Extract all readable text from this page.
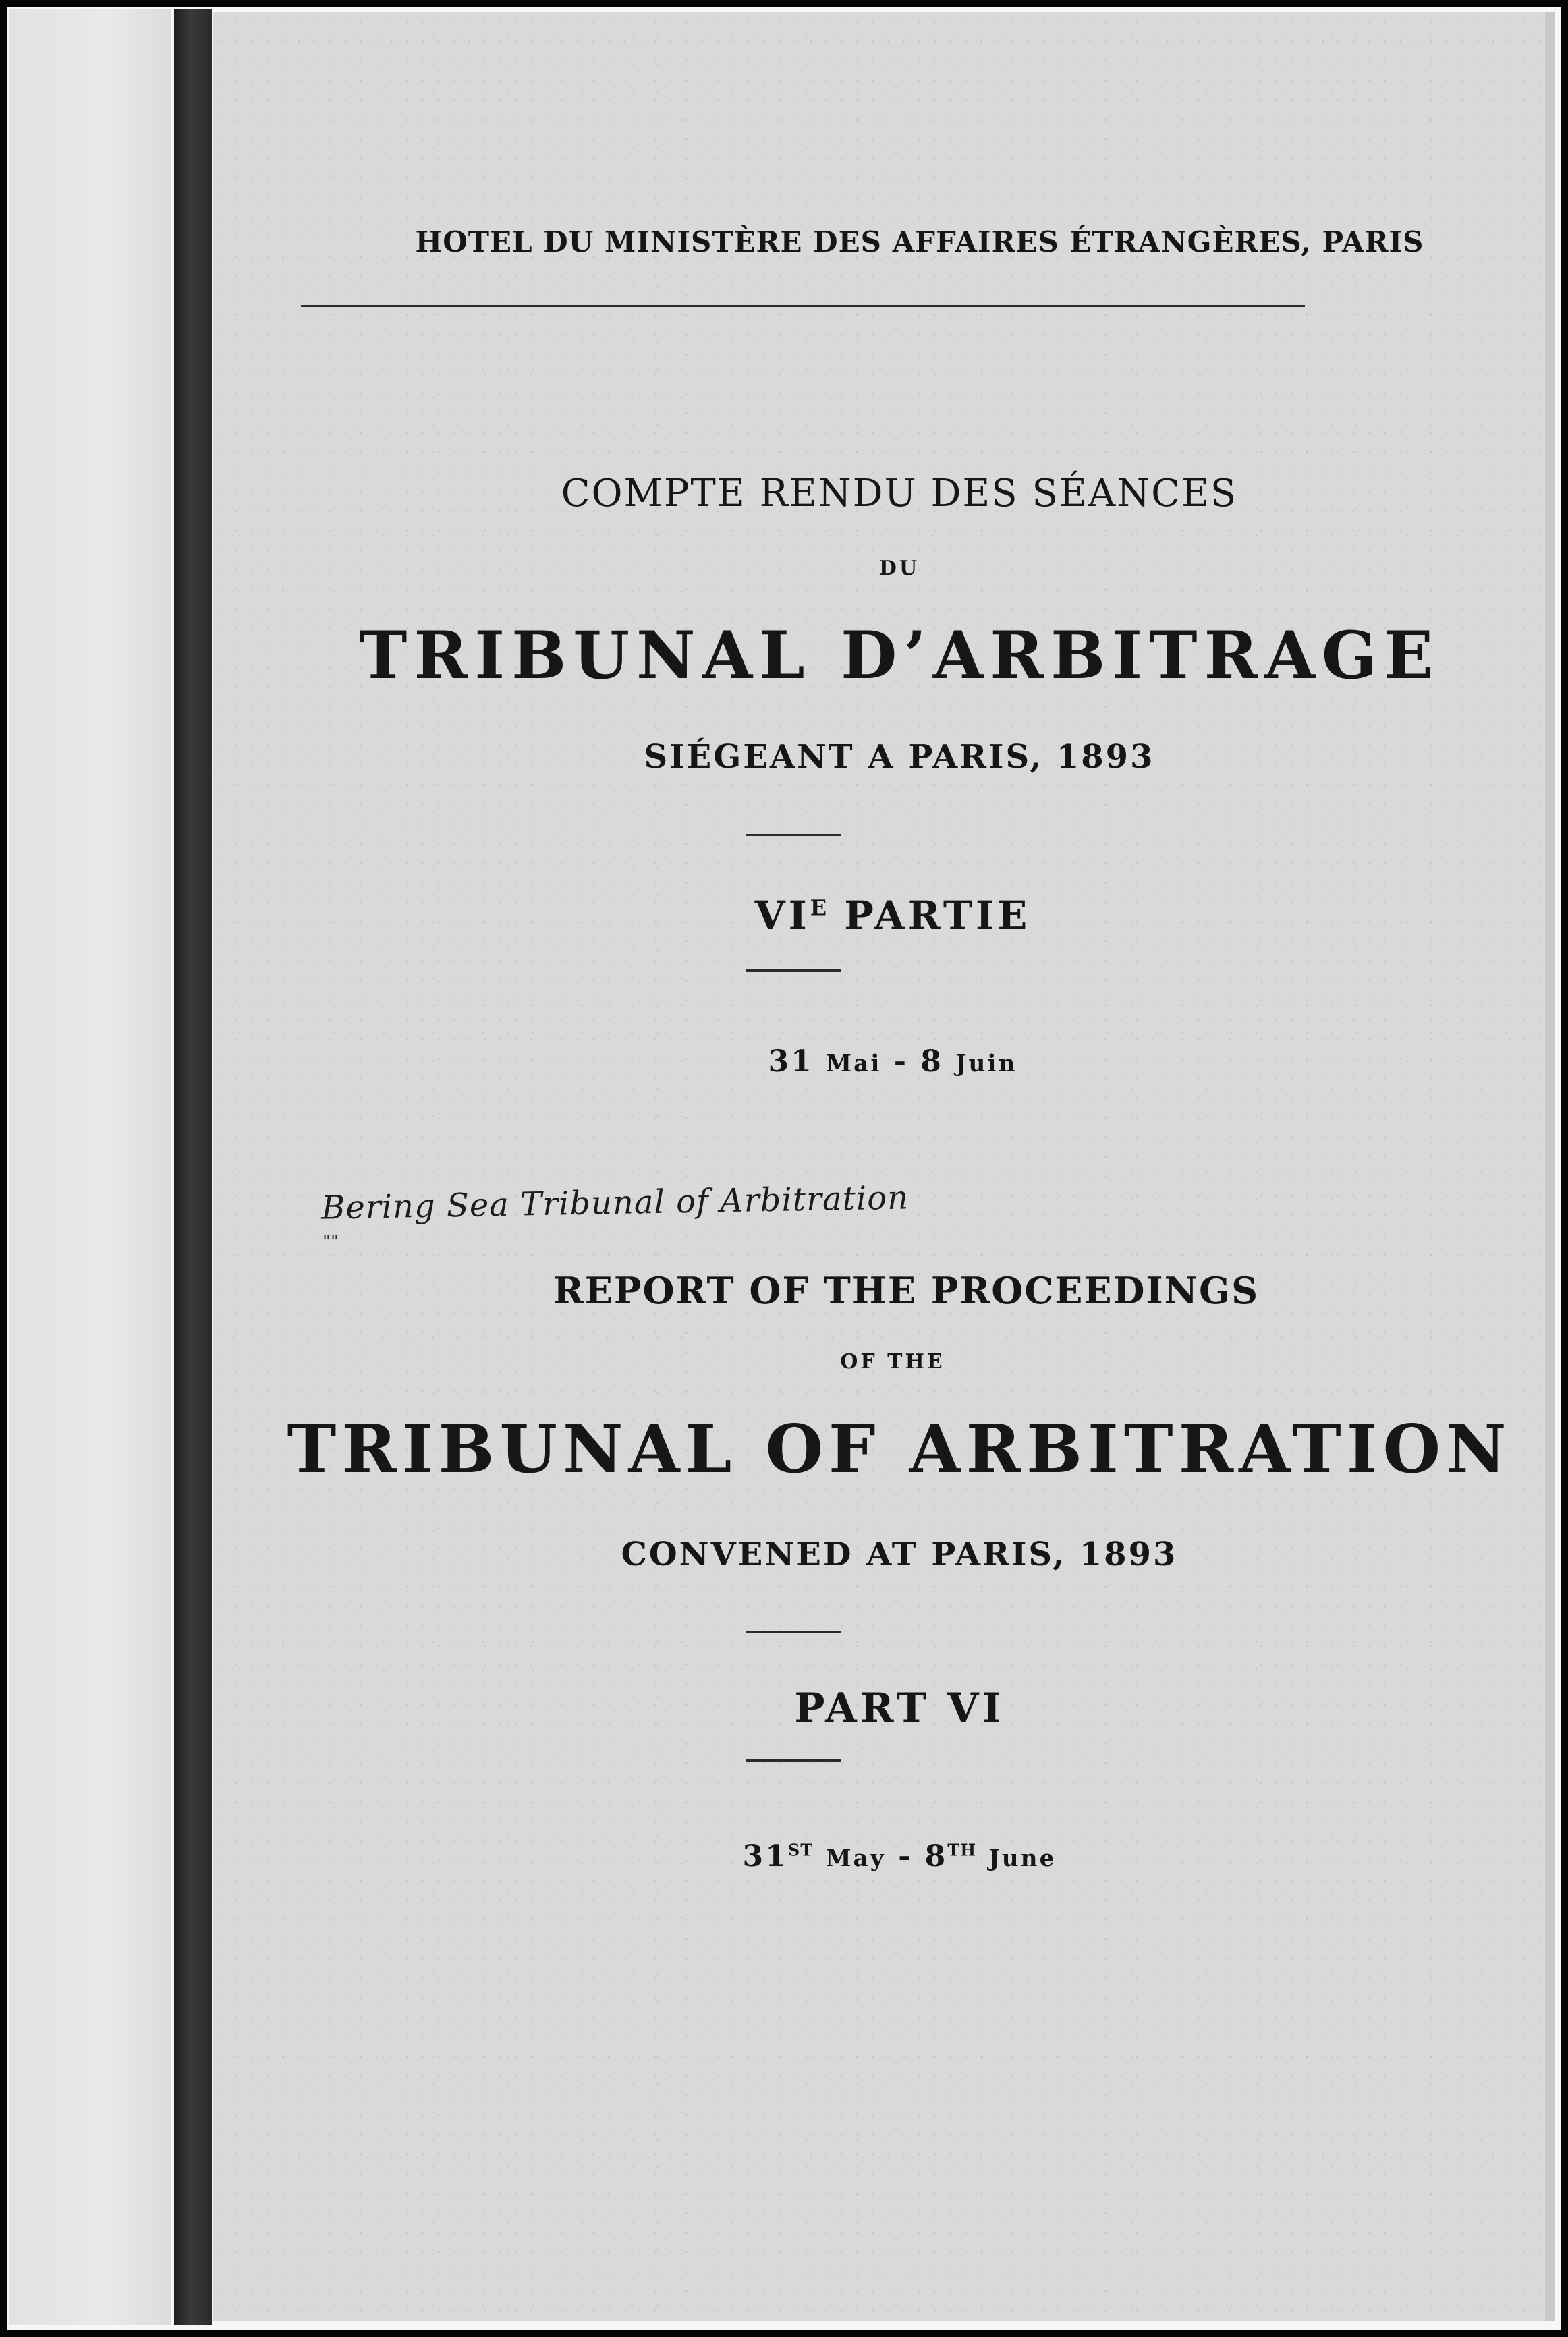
HOTEL DU MINISTÈRE DES AFFAIRES ÉTRANGÈRES, PARIS
COMPTE RENDU DES SÉANCES
DU
TRIBUNAL D’ARBITRAGE
SIÉGEANT A PARIS, 1893
$VI^E$ PARTIE
31 Mai - 8 Juin
REPORT OF THE PROCEEDINGS
OF THE
TRIBUNAL OF ARBITRATION
CONVENED AT PARIS, 1893
PART VI
31ST May - 8TH June
Bering Sea Tribunal of Arbitration
""
